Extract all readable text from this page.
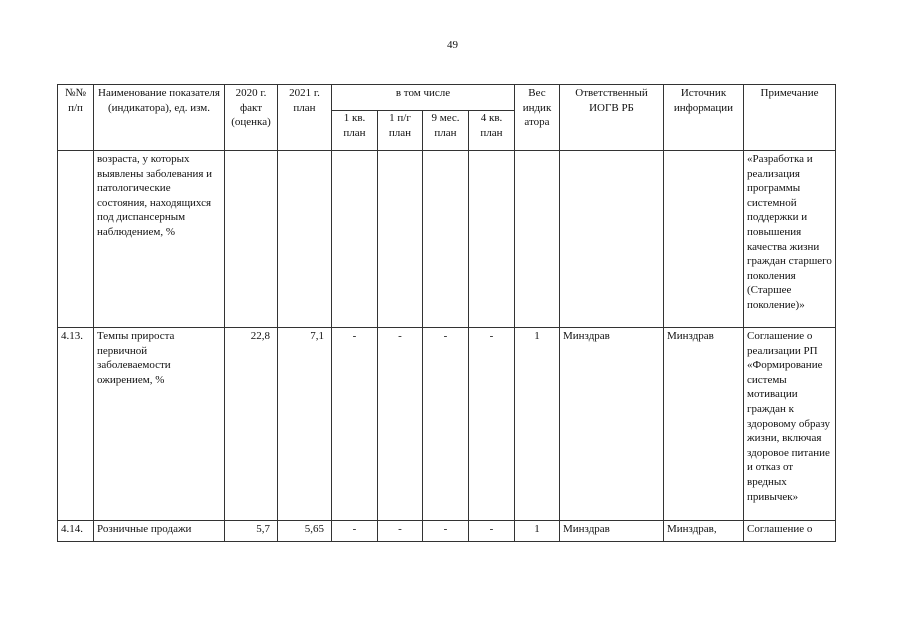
49
№№ п/п	Наименование показателя (индикатора), ед. изм.	2020 г. факт (оценка)	2021 г. план	в том числе				Вес индик атора	Ответственный ИОГВ РБ	Источник информации	Примечание
				1 кв. план	1 п/г план	9 мес. план	4 кв. план				
	возраста, у которых выявлены заболевания и патологические состояния, находящихся под диспансерным наблюдением, %										«Разработка и реализация программы системной поддержки и повышения качества жизни граждан старшего поколения (Старшее поколение)»
4.13.	Темпы прироста первичной заболеваемости ожирением, %	22,8	7,1	-	-	-	-	1	Минздрав	Минздрав	Соглашение о реализации РП «Формирование системы мотивации граждан к здоровому образу жизни, включая здоровое питание и отказ от вредных привычек»
4.14.	Розничные продажи	5,7	5,65	-	-	-	-	1	Минздрав	Минздрав,	Соглашение о
